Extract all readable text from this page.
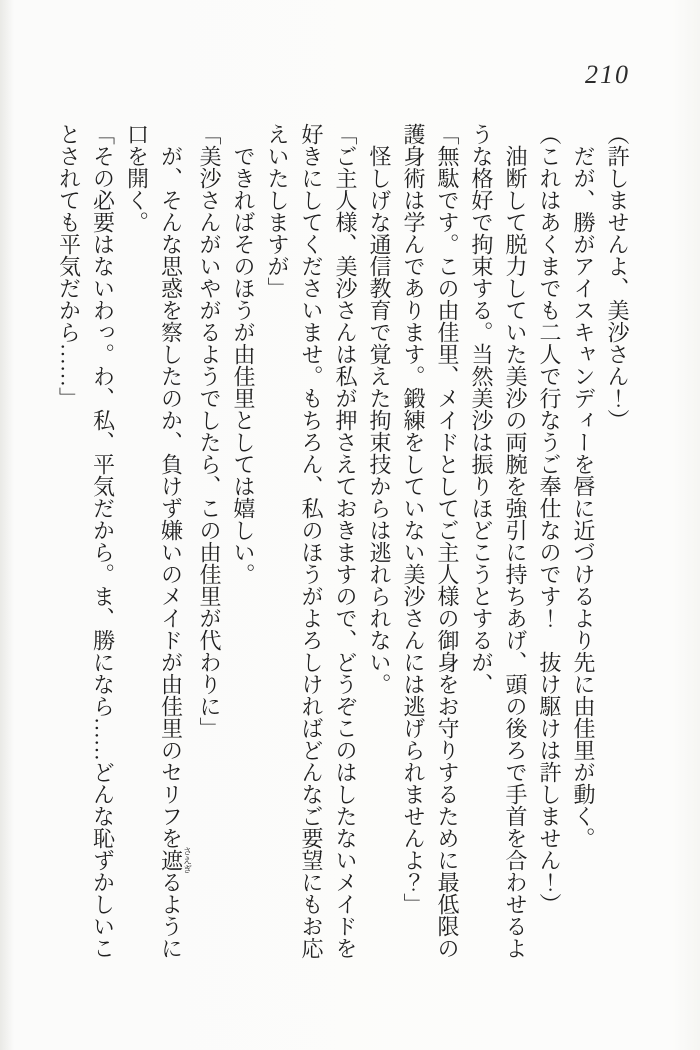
210

（許しませんよ、美沙さん！）

　だが、勝がアイスキャンディーを唇に近づけるより先に由佳里が動く。

（これはあくまでも二人で行なうご奉仕なのです！　抜け駆けは許しません！）

　油断して脱力していた美沙の両腕を強引に持ちあげ、頭の後ろで手首を合わせるような格好で拘束する。当然美沙は振りほどこうとするが、

「無駄です。この由佳里、メイドとしてご主人様の御身をお守りするために最低限の護身術は学んであります。鍛練をしていない美沙さんには逃げられませんよ？」

　怪しげな通信教育で覚えた拘束技からは逃れられない。

「ご主人様、美沙さんは私が押さえておきますので、どうぞこのはしたないメイドを好きにしてくださいませ。もちろん、私のほうがよろしければどんなご要望にもお応えいたしますが」

　できればそのほうが由佳里としては嬉しい。

「美沙さんがいやがるようでしたら、この由佳里が代わりに」

　が、そんな思惑を察したのか、負けず嫌いのメイドが由佳里のセリフを遮さえぎるように口を開く。

「その必要はないわっ。わ、私、平気だから。ま、勝になら……どんな恥ずかしいことされても平気だから……」
